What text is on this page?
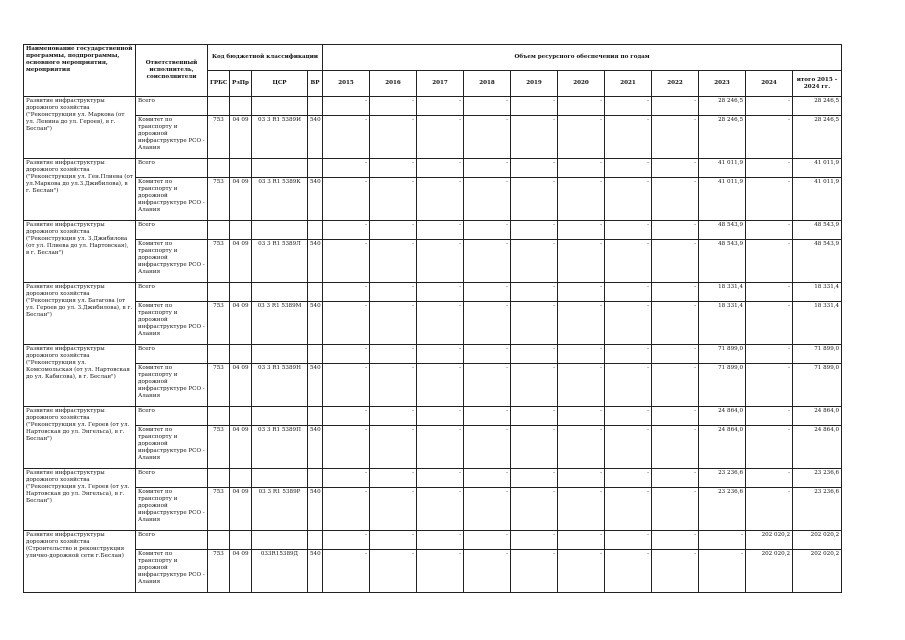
Наименование государственной программы, подпрограммы, основного мероприятия, мероприятия	Ответственный исполнитель, соисполнители	Код бюджетной классификации				Объем ресурсного обеспечения по годам										
		ГРБС	РзПр	ЦСР	ВР	2015	2016	2017	2018	2019	2020	2021	2022	2023	2024	итого 2015 – 2024 гг.
Развитие инфраструктуры дорожного хозяйства ("Реконструкция ул. Маркова (от ул. Ленина до ул. Героев), в г. Беслан")	Всего					-	-	-	-	-	-	-	-	28 246,5	-	28 246,5
	Комитет по транспорту и дорожной инфраструктуре РСО - Алания	753	04 09	03 3 R1 5389И	540	-	-	-	-	-	-	-	-	28 246,5	-	28 246,5
Развитие инфраструктуры дорожного хозяйства ("Реконструкция ул. Ген.Плиева (от ул.Маркова до ул.З.Джибилова), в г. Беслан")	Всего					-	-	-	-	-	-	-	-	41 011,9	-	41 011,9
	Комитет по транспорту и дорожной инфраструктуре РСО - Алания	753	04 09	03 3 R1 5389К	540	-	-	-	-	-	-	-	-	41 011,9	-	41 011,9
Развитие инфраструктуры дорожного хозяйства ("Реконструкция ул. З.Джибилова (от ул. Плиева до ул. Нартовская), в г. Беслан")	Всего					-	-	-	-	-	-	-	-	48 543,9	-	48 543,9
	Комитет по транспорту и дорожной инфраструктуре РСО - Алания	753	04 09	03 3 R1 5389Л	540	-	-	-	-	-	-	-	-	48 543,9	-	48 543,9
Развитие инфраструктуры дорожного хозяйства ("Реконструкция ул. Батагова (от ул. Героев до ул. З.Джибилова), в г. Беслан")	Всего					-	-	-	-	-	-	-	-	18 331,4	-	18 331,4
	Комитет по транспорту и дорожной инфраструктуре РСО - Алания	753	04 09	03 3 R1 5389М	540	-	-	-	-	-	-	-	-	18 331,4	-	18 331,4
Развитие инфраструктуры дорожного хозяйства ("Реконструкция ул. Комсомольская (от ул. Нартовская до ул. Кабисова), в г. Беслан")	Всего					-	-	-	-	-	-	-	-	71 899,0	-	71 899,0
	Комитет по транспорту и дорожной инфраструктуре РСО - Алания	753	04 09	03 3 R1 5389Н	540	-	-	-	-	-	-	-	-	71 899,0	-	71 899,0
Развитие инфраструктуры дорожного хозяйства ("Реконструкция ул. Героев (от ул. Нартовская до ул. Энгельса), в г. Беслан")	Всего					-	-	-	-	-	-	-	-	24 864,0	-	24 864,0
	Комитет по транспорту и дорожной инфраструктуре РСО - Алания	753	04 09	03 3 R1 5389П	540	-	-	-	-	-	-	-	-	24 864,0	-	24 864,0
Развитие инфраструктуры дорожного хозяйства ("Реконструкция ул. Героев (от ул. Нартовская до ул. Энгельса), в г. Беслан")	Всего					-	-	-	-	-	-	-	-	23 236,6	-	23 236,6
	Комитет по транспорту и дорожной инфраструктуре РСО - Алания	753	04 09	03 3 R1 5389Р	540	-	-	-	-	-	-	-	-	23 236,6	-	23 236,6
Развитие инфраструктуры дорожного хозяйства (Строительство и реконструкция улично-дорожной сети г.Беслан)	Всего					-	-	-	-	-	-	-	-	-	202 020,2	202 020,2
	Комитет по транспорту и дорожной инфраструктуре РСО - Алания	753	04 09	033R15389Д	540	-	-	-	-	-	-	-	-	-	202 020,2	202 020,2
